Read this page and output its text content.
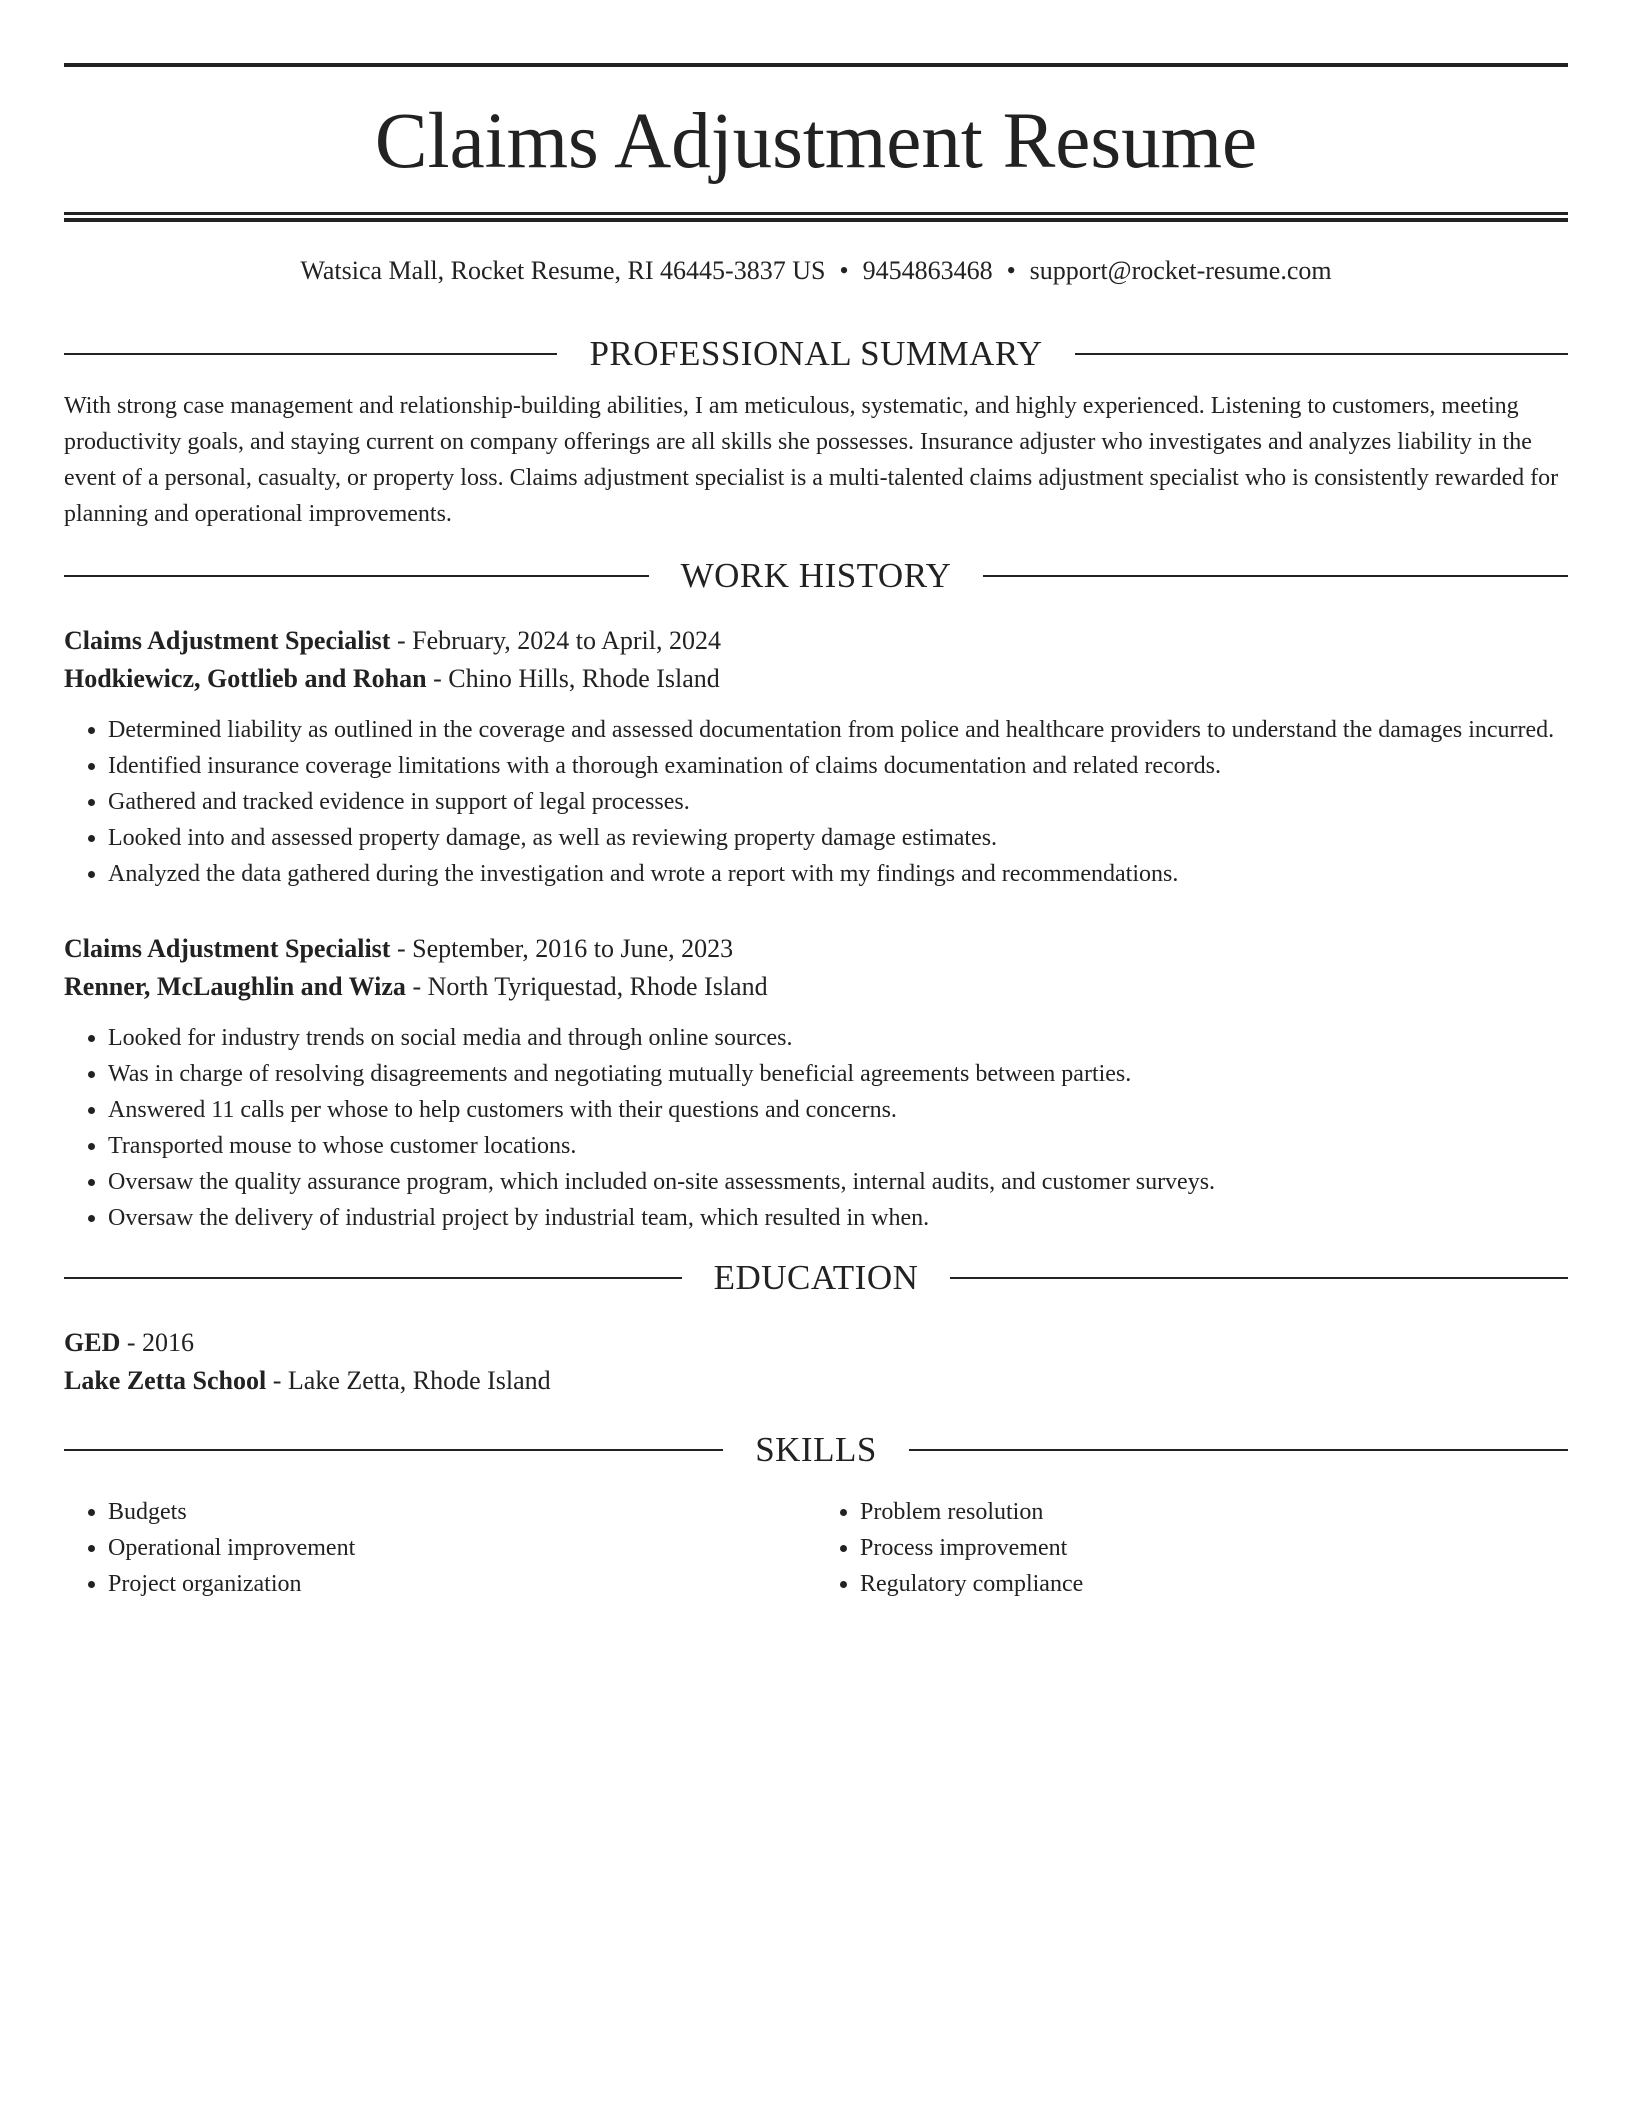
Claims Adjustment Resume
Watsica Mall, Rocket Resume, RI 46445-3837 US • 9454863468 • support@rocket-resume.com
PROFESSIONAL SUMMARY

With strong case management and relationship-building abilities, I am meticulous, systematic, and highly experienced. Listening to customers, meeting productivity goals, and staying current on company offerings are all skills she possesses. Insurance adjuster who investigates and analyzes liability in the event of a personal, casualty, or property loss. Claims adjustment specialist is a multi-talented claims adjustment specialist who is consistently rewarded for planning and operational improvements.

WORK HISTORY
Claims Adjustment Specialist - February, 2024 to April, 2024
Hodkiewicz, Gottlieb and Rohan - Chino Hills, Rhode Island
• Determined liability as outlined in the coverage and assessed documentation from police and healthcare providers to understand the damages incurred.
• Identified insurance coverage limitations with a thorough examination of claims documentation and related records.
• Gathered and tracked evidence in support of legal processes.
• Looked into and assessed property damage, as well as reviewing property damage estimates.
• Analyzed the data gathered during the investigation and wrote a report with my findings and recommendations.
Claims Adjustment Specialist - September, 2016 to June, 2023
Renner, McLaughlin and Wiza - North Tyriquestad, Rhode Island
• Looked for industry trends on social media and through online sources.
• Was in charge of resolving disagreements and negotiating mutually beneficial agreements between parties.
• Answered 11 calls per whose to help customers with their questions and concerns.
• Transported mouse to whose customer locations.
• Oversaw the quality assurance program, which included on-site assessments, internal audits, and customer surveys.
• Oversaw the delivery of industrial project by industrial team, which resulted in when.
EDUCATION
GED - 2016
Lake Zetta School - Lake Zetta, Rhode Island
SKILLS
• Budgets
• Operational improvement
• Project organization
• Problem resolution
• Process improvement
• Regulatory compliance
